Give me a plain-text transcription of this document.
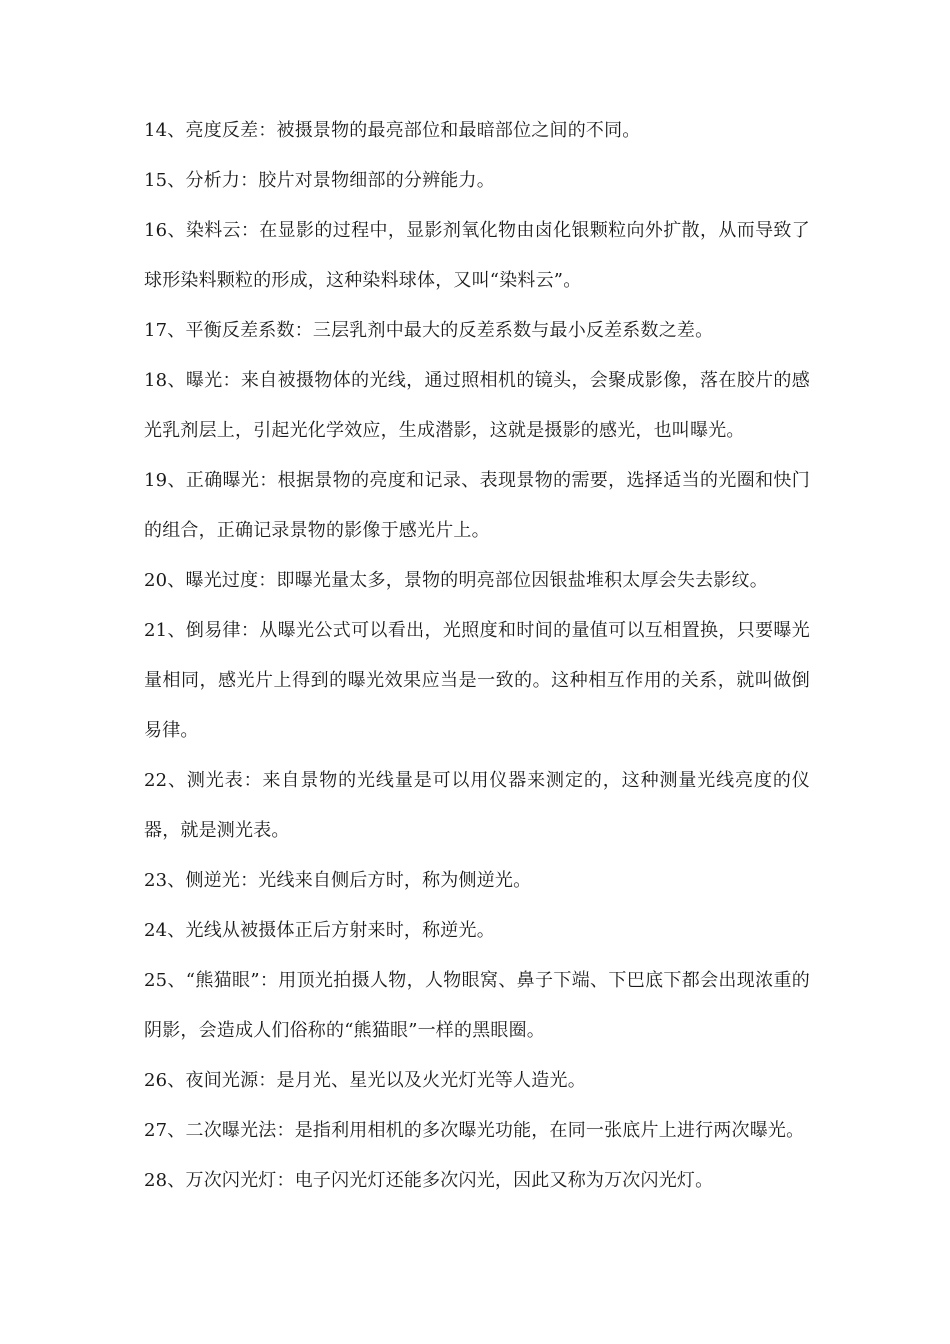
14、亮度反差：被摄景物的最亮部位和最暗部位之间的不同。

15、分析力：胶片对景物细部的分辨能力。

16、染料云：在显影的过程中，显影剂氧化物由卤化银颗粒向外扩散，从而导致了球形染料颗粒的形成，这种染料球体，又叫“染料云”。

17、平衡反差系数：三层乳剂中最大的反差系数与最小反差系数之差。

18、曝光：来自被摄物体的光线，通过照相机的镜头，会聚成影像，落在胶片的感光乳剂层上，引起光化学效应，生成潜影，这就是摄影的感光，也叫曝光。

19、正确曝光：根据景物的亮度和记录、表现景物的需要，选择适当的光圈和快门的组合，正确记录景物的影像于感光片上。

20、曝光过度：即曝光量太多，景物的明亮部位因银盐堆积太厚会失去影纹。

21、倒易律：从曝光公式可以看出，光照度和时间的量值可以互相置换，只要曝光量相同，感光片上得到的曝光效果应当是一致的。这种相互作用的关系，就叫做倒易律。

22、测光表：来自景物的光线量是可以用仪器来测定的，这种测量光线亮度的仪器，就是测光表。

23、侧逆光：光线来自侧后方时，称为侧逆光。

24、光线从被摄体正后方射来时，称逆光。

25、“熊猫眼”：用顶光拍摄人物，人物眼窝、鼻子下端、下巴底下都会出现浓重的阴影，会造成人们俗称的“熊猫眼”一样的黑眼圈。

26、夜间光源：是月光、星光以及火光灯光等人造光。

27、二次曝光法：是指利用相机的多次曝光功能，在同一张底片上进行两次曝光。

28、万次闪光灯：电子闪光灯还能多次闪光，因此又称为万次闪光灯。
